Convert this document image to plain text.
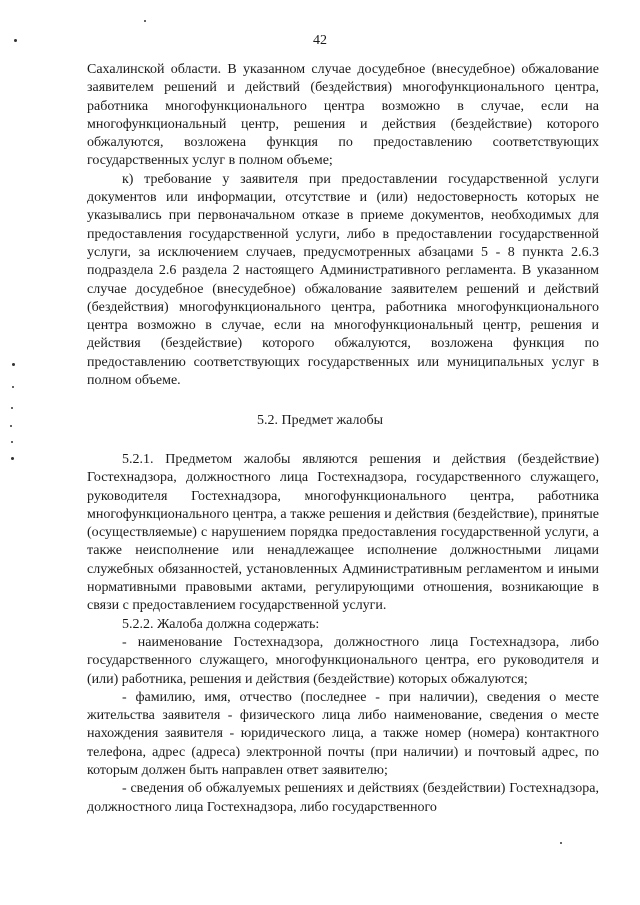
42

Сахалинской области. В указанном случае досудебное (внесудебное) обжалование заявителем решений и действий (бездействия) многофункционального центра, работника многофункционального центра возможно в случае, если на многофункциональный центр, решения и действия (бездействие) которого обжалуются, возложена функция по предоставлению соответствующих государственных услуг в полном объеме;

к) требование у заявителя при предоставлении государственной услуги документов или информации, отсутствие и (или) недостоверность которых не указывались при первоначальном отказе в приеме документов, необходимых для предоставления государственной услуги, либо в предоставлении государственной услуги, за исключением случаев, предусмотренных абзацами 5 - 8 пункта 2.6.3 подраздела 2.6 раздела 2 настоящего Административного регламента. В указанном случае досудебное (внесудебное) обжалование заявителем решений и действий (бездействия) многофункционального центра, работника многофункционального центра возможно в случае, если на многофункциональный центр, решения и действия (бездействие) которого обжалуются, возложена функция по предоставлению соответствующих государственных или муниципальных услуг в полном объеме.

5.2. Предмет жалобы

5.2.1. Предметом жалобы являются решения и действия (бездействие) Гостехнадзора, должностного лица Гостехнадзора, государственного служащего, руководителя Гостехнадзора, многофункционального центра, работника многофункционального центра, а также решения и действия (бездействие), принятые (осуществляемые) с нарушением порядка предоставления государственной услуги, а также неисполнение или ненадлежащее исполнение должностными лицами служебных обязанностей, установленных Административным регламентом и иными нормативными правовыми актами, регулирующими отношения, возникающие в связи с предоставлением государственной услуги.

5.2.2. Жалоба должна содержать:

- наименование Гостехнадзора, должностного лица Гостехнадзора, либо государственного служащего, многофункционального центра, его руководителя и (или) работника, решения и действия (бездействие) которых обжалуются;

- фамилию, имя, отчество (последнее - при наличии), сведения о месте жительства заявителя - физического лица либо наименование, сведения о месте нахождения заявителя - юридического лица, а также номер (номера) контактного телефона, адрес (адреса) электронной почты (при наличии) и почтовый адрес, по которым должен быть направлен ответ заявителю;

- сведения об обжалуемых решениях и действиях (бездействии) Гостехнадзора, должностного лица Гостехнадзора, либо государственного
